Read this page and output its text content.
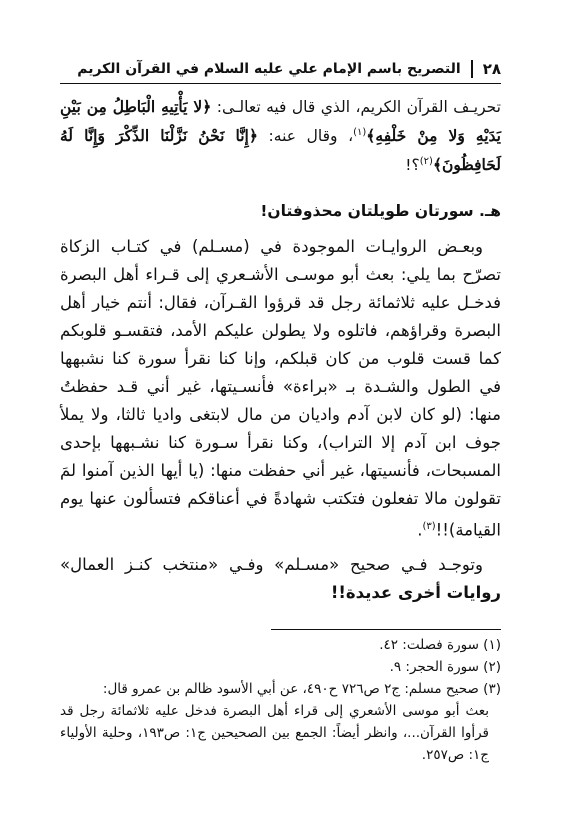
٢٨
التصريح باسم الإمام علي عليه السلام في القرآن الكريم

تحريـف القرآن الكريم، الذي قال فيه تعالـى: ﴿لا يَأْتِيهِ الْبَاطِلُ مِن بَيْنِ يَدَيْهِ وَلا مِنْ خَلْفِهِ﴾$^{(١)}$، وقال عنه: ﴿إِنَّا نَحْنُ نَزَّلْنَا الذِّكْرَ وَإِنَّا لَهُ لَحَافِظُونَ﴾$^{(٢)}$؟!

هـ. سورتان طويلتان محذوفتان!

وبعـض الروايـات الموجودة في (مسـلم) في كتـاب الزكاة تصرّح بما يلي: بعث أبو موسـى الأشـعري إلى قـراء أهل البصرة فدخـل عليه ثلاثمائة رجل قد قرؤوا القـرآن، فقال: أنتم خيار أهل البصرة وقراؤهم، فاتلوه ولا يطولن عليكم الأمد، فتقسـو قلوبكم كما قست قلوب من كان قبلكم، وإنا كنا نقرأ سورة كنا نشبهها في الطول والشـدة بـ «براءة» فأنسـيتها، غير أني قـد حفظتُ منها: (لو كان لابن آدم واديان من مال لابتغى واديا ثالثا، ولا يملأ جوف ابن آدم إلا التراب)، وكنا نقرأ سـورة كنا نشـبهها بإحدى المسبحات، فأنسيتها، غير أني حفظت منها: (يا أيها الذين آمنوا لمَ تقولون مالا تفعلون فتكتب شهادةً في أعناقكم فتسألون عنها يوم القيامة)!!$^{(٣)}$.

وتوجـد فـي صحيح «مسـلم» وفـي «منتخب كنـز العمال» روايات أخرى عديدة!!

(١) سورة فصلت: ٤٢.
(٢) سورة الحجر: ٩.
(٣) صحيح مسلم: ج٢ ص٧٢٦ ح٤٩٠، عن أبي الأسود ظالم بن عمرو قال:
بعث أبو موسى الأشعري إلى قراء أهل البصرة فدخل عليه ثلاثمائة رجل قد قرأوا القرآن...، وانظر أيضاً: الجمع بين الصحيحين ج١: ص١٩٣، وحلية الأولياء ج١: ص٢٥٧.
